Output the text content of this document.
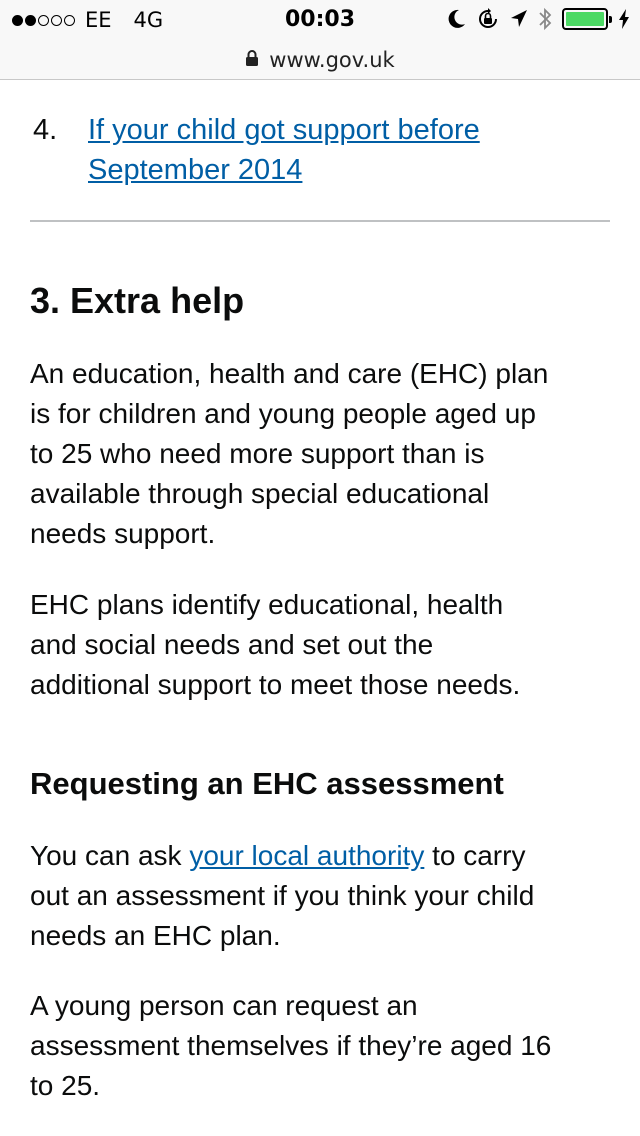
EE 4G	00:03
www.gov.uk
4. If your child got support before
September 2014
3. Extra help

An education, health and care (EHC) plan
is for children and young people aged up
to 25 who need more support than is
available through special educational
needs support.

EHC plans identify educational, health
and social needs and set out the
additional support to meet those needs.

Requesting an EHC assessment

You can ask your local authority to carry
out an assessment if you think your child
needs an EHC plan.

A young person can request an
assessment themselves if they’re aged 16
to 25.
